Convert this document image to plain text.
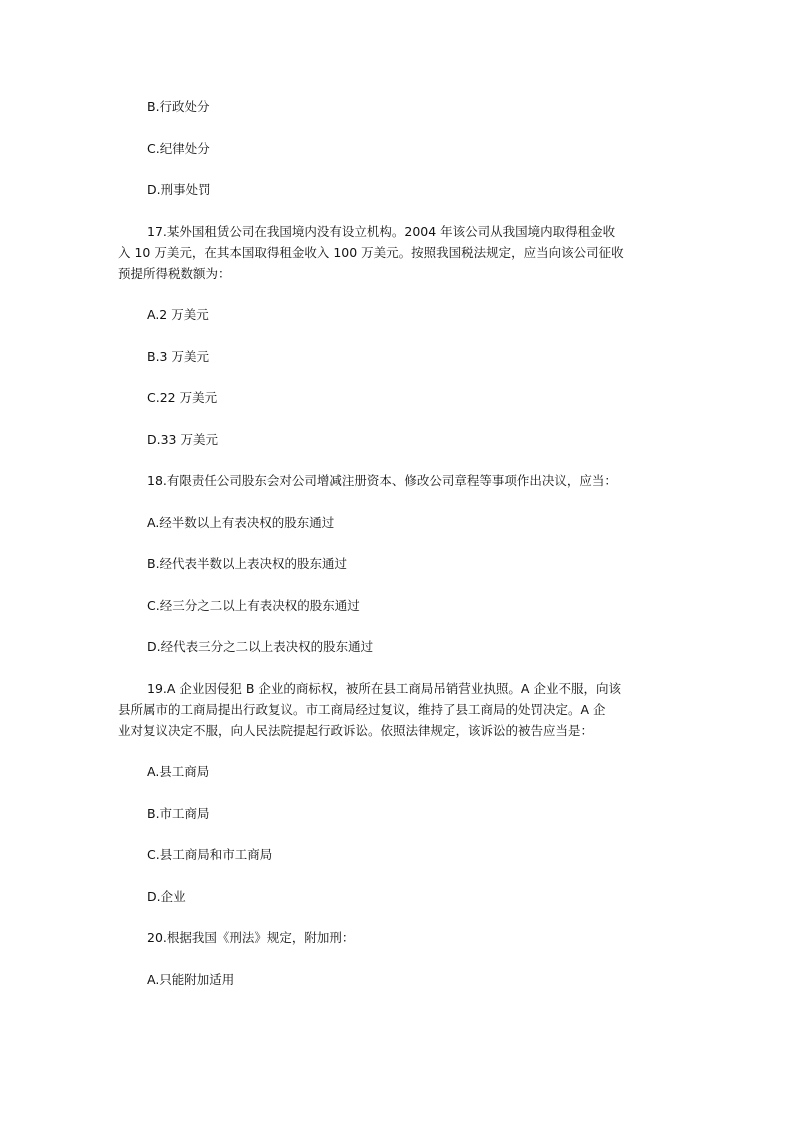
B.行政处分
C.纪律处分
D.刑事处罚
17.某外国租赁公司在我国境内没有设立机构。2004 年该公司从我国境内取得租金收
入 10 万美元，在其本国取得租金收入 100 万美元。按照我国税法规定，应当向该公司征收
预提所得税数额为：
A.2 万美元
B.3 万美元
C.22 万美元
D.33 万美元
18.有限责任公司股东会对公司增减注册资本、修改公司章程等事项作出决议，应当：
A.经半数以上有表决权的股东通过
B.经代表半数以上表决权的股东通过
C.经三分之二以上有表决权的股东通过
D.经代表三分之二以上表决权的股东通过
19.A 企业因侵犯 B 企业的商标权，被所在县工商局吊销营业执照。A 企业不服，向该
县所属市的工商局提出行政复议。市工商局经过复议，维持了县工商局的处罚决定。A 企
业对复议决定不服，向人民法院提起行政诉讼。依照法律规定，该诉讼的被告应当是：
A.县工商局
B.市工商局
C.县工商局和市工商局
D.企业
20.根据我国《刑法》规定，附加刑：
A.只能附加适用
